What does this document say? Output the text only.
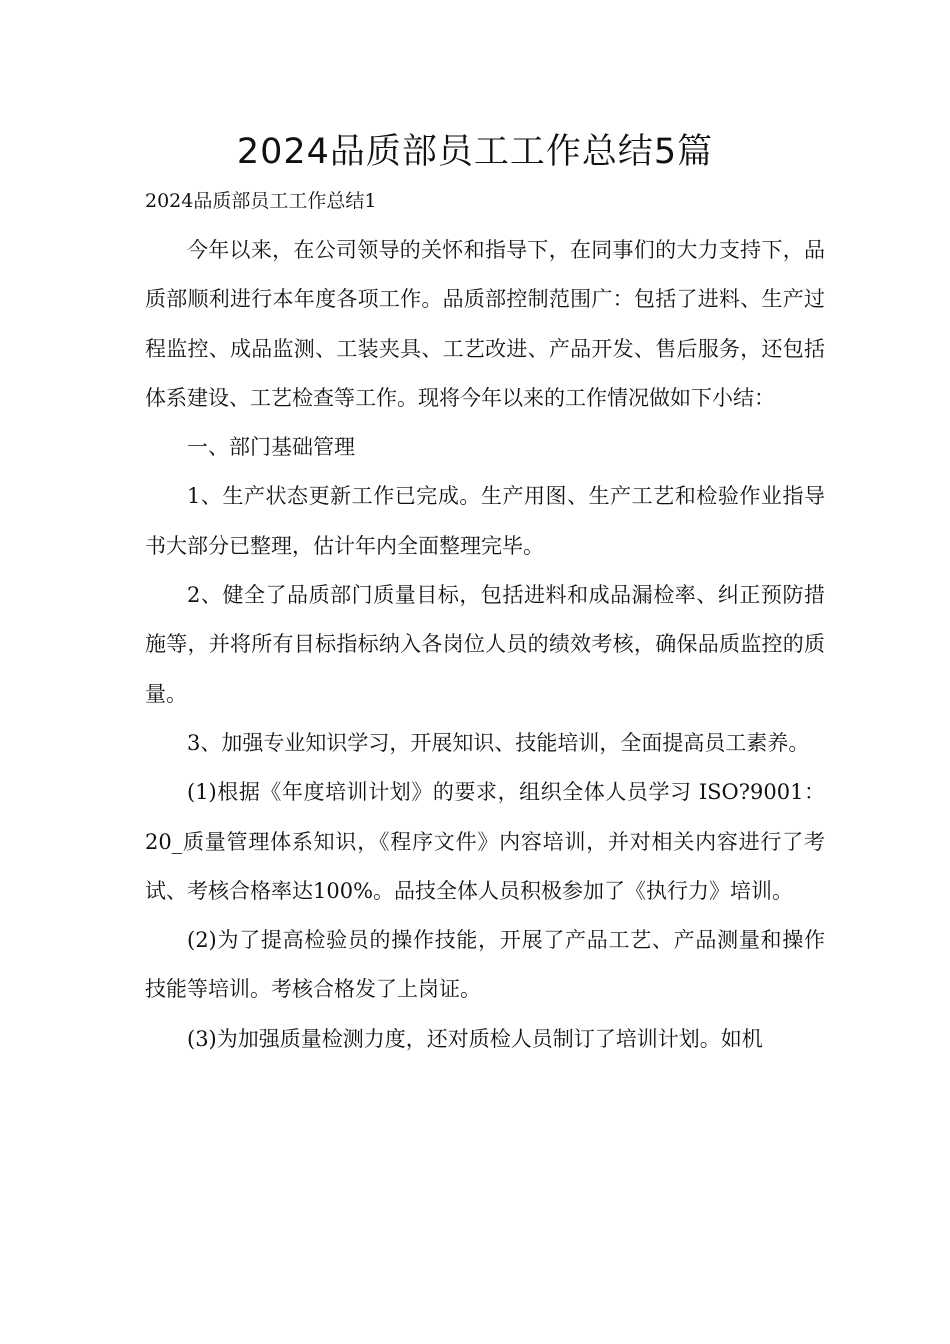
2024品质部员工工作总结5篇
2024品质部员工工作总结1

今年以来，在公司领导的关怀和指导下，在同事们的大力支持下，品质部顺利进行本年度各项工作。品质部控制范围广：包括了进料、生产过程监控、成品监测、工装夹具、工艺改进、产品开发、售后服务，还包括体系建设、工艺检查等工作。现将今年以来的工作情况做如下小结：

一、部门基础管理

1、生产状态更新工作已完成。生产用图、生产工艺和检验作业指导书大部分已整理，估计年内全面整理完毕。

2、健全了品质部门质量目标，包括进料和成品漏检率、纠正预防措施等，并将所有目标指标纳入各岗位人员的绩效考核，确保品质监控的质量。

3、加强专业知识学习，开展知识、技能培训，全面提高员工素养。

(1)根据《年度培训计划》的要求，组织全体人员学习 ISO?9001：20_质量管理体系知识，《程序文件》内容培训，并对相关内容进行了考试、考核合格率达100%。品技全体人员积极参加了《执行力》培训。

(2)为了提高检验员的操作技能，开展了产品工艺、产品测量和操作技能等培训。考核合格发了上岗证。

(3)为加强质量检测力度，还对质检人员制订了培训计划。如机
